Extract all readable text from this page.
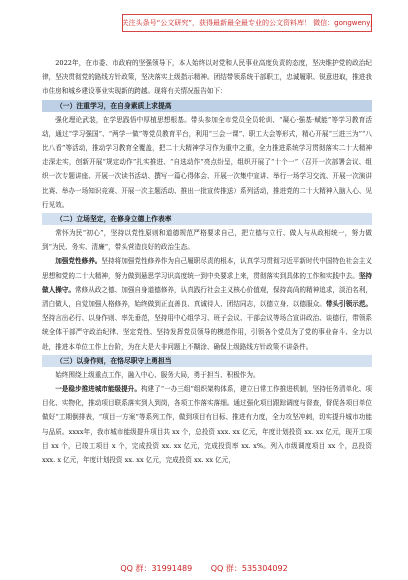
关注头条号“公文研究”，获得最新最全最专业的公文资料库！ 微信：gongwenyj

2022年，在市委、市政府的坚强领导下，本人始终以对党和人民事业高度负责的态度，坚决维护党的政治纪律，坚决贯彻党的路线方针政策，坚决落实上级指示精神。团结带领系统干部职工，忠诚履职、锐意进取，推进我市住房和城乡建设事业实现新的跨越。现将有关情况报告如下：

（一）注重学习，在自身素质上求提高

强化理论武装，在学思践悟中厚植思想根基。带头参加全市党员全员轮训、“凝心·强基·赋能”等学习教育活动，通过“学习强国”、“两学一做”等党员教育平台，利用“三会一课”、职工大会等形式，精心开展“三进三为”“八比八看”等活动，推动学习教育全覆盖，把二十大精神学习作为重中之重，全力推进系统学习贯彻落实二十大精神走深走实，创新开展“规定动作”扎实推进、“自选动作”亮点纷呈，组织开展了“十个一”（召开一次部署会议、组织一次专题讲座、开展一次读书活动、撰写一篇心得体会、开展一次集中宣讲、举行一场学习交流、开展一次演讲比赛、举办一场知识竞赛、开展一次主题活动、推出一批宣传推送）系列活动，推进党的二十大精神入脑入心、见行见效。

（二）立场坚定，在修身立德上作表率

常怀为民“初心”，坚持以党性原则和道德规范严格要求自己，把立德与立行、做人与从政相统一，努力做到“为民、务实、清廉”，带头营造良好的政治生态。

加强党性修养。坚持将加强党性修养作为自己履职尽责的根本，认真学习贯彻习近平新时代中国特色社会主义思想和党的二十大精神，努力做到悬思学习识高度统一到中央要求上来，贯彻落实到具体的工作和实践中去。坚持做人操守。常修从政之德、加强自身道德修养，认真践行社会主义核心价值观，保持高尚的精神追求，淡泊名利，清白做人，自觉加强人格修养，始终做到正直善良、真诚待人、团结同志，以德立身、以德服众。带头引领示范。坚持言出必行、以身作则、率先垂范，坚持用中心组学习、班子会议、干部会议等场合宣讲政治、谈德行，带领系统全体干部严守政治纪律、坚定党性、坚持发挥党员领导的模范作用，引领各个党员为了党的事业奋斗、全力以赴，推进本单位工作上台阶，为在大是大非问题上不糊涂、确保上级路线方针政策不讲条件。

（三）以身作则，在恪尽职守上勇担当

始终围绕上级重点工作，融入中心、服务大局，勇于担当、积极作为。

一是稳步推进城市能级提升。构建了“一办三组”组织架构体系，建立日常工作推进机制，坚持任务清单化、项目化、实物化，推动项目联系落实到人到岗，各项工作落实落细。通过强化项目跟踪调度与督查，督促各项目单位做好“工期倒排表，“项目一方案”等系列工作，做到项目有目标、推进有力度，全力攻坚冲刺，切实提升城市功能与品质。xxxx年，我市城市能级提升项目共 xx 个，总投资 xxx. xx 亿元，年度计划投资 xx. xx 亿元，现开工项目 xx 个，已竣工项目 x 个，完成投资 xx. xx 亿元，完成投资率 xx. x%。列入市级调度项目 xx 个，总投资 xxx. x 亿元，年度计划投资 xx. xx 亿元，完成投资 xx. xx 亿元，

QQ 群：31991489 QQ 群：535304092
